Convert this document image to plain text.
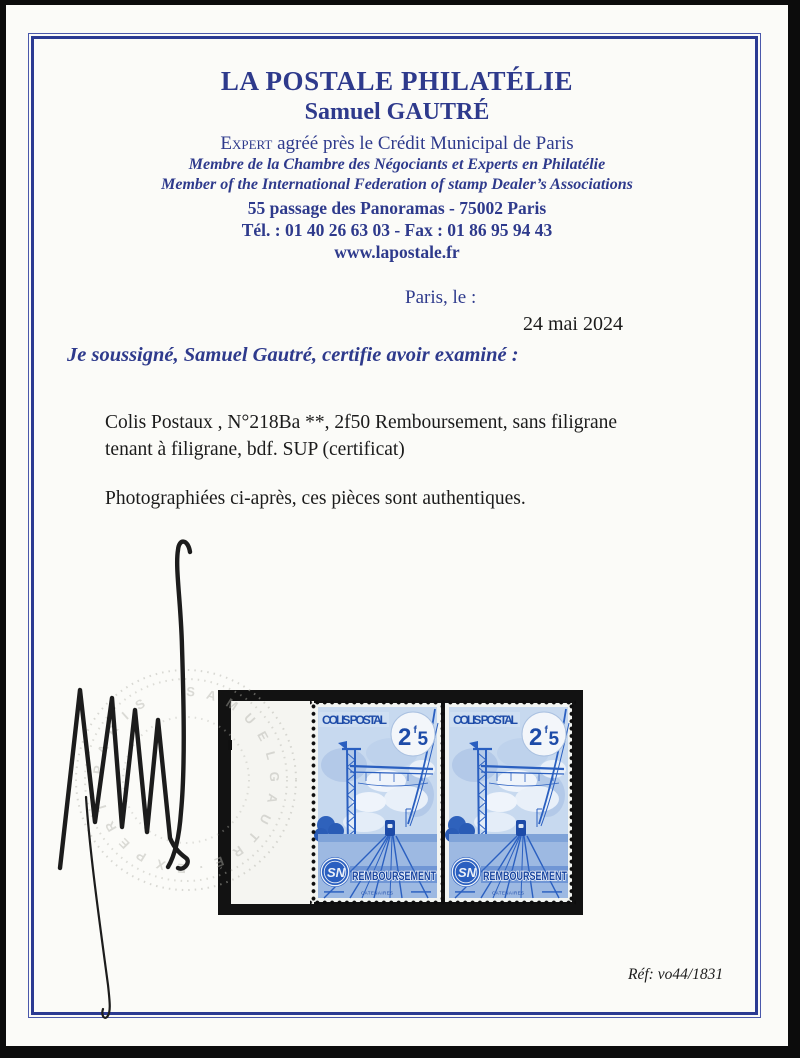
LA POSTALE PHILATÉLIE
Samuel GAUTRÉ
Expert agréé près le Crédit Municipal de Paris
Membre de la Chambre des Négociants et Experts en Philatélie
Member of the International Federation of stamp Dealer’s Associations
55 passage des Panoramas - 75002 Paris
Tél. : 01 40 26 63 03 - Fax : 01 86 95 94 43
www.lapostale.fr
Paris, le :
24 mai 2024
Je soussigné, Samuel Gautré, certifie avoir examiné :
Colis Postaux , N°218Ba **, 2f50 Remboursement, sans filigrane
tenant à filigrane, bdf. SUP (certificat)
Photographiées ci-après, ces pièces sont authentiques.
S A M U E L G A U T R É · E X P E R T · P A R I S
Réf: vo44/1831
